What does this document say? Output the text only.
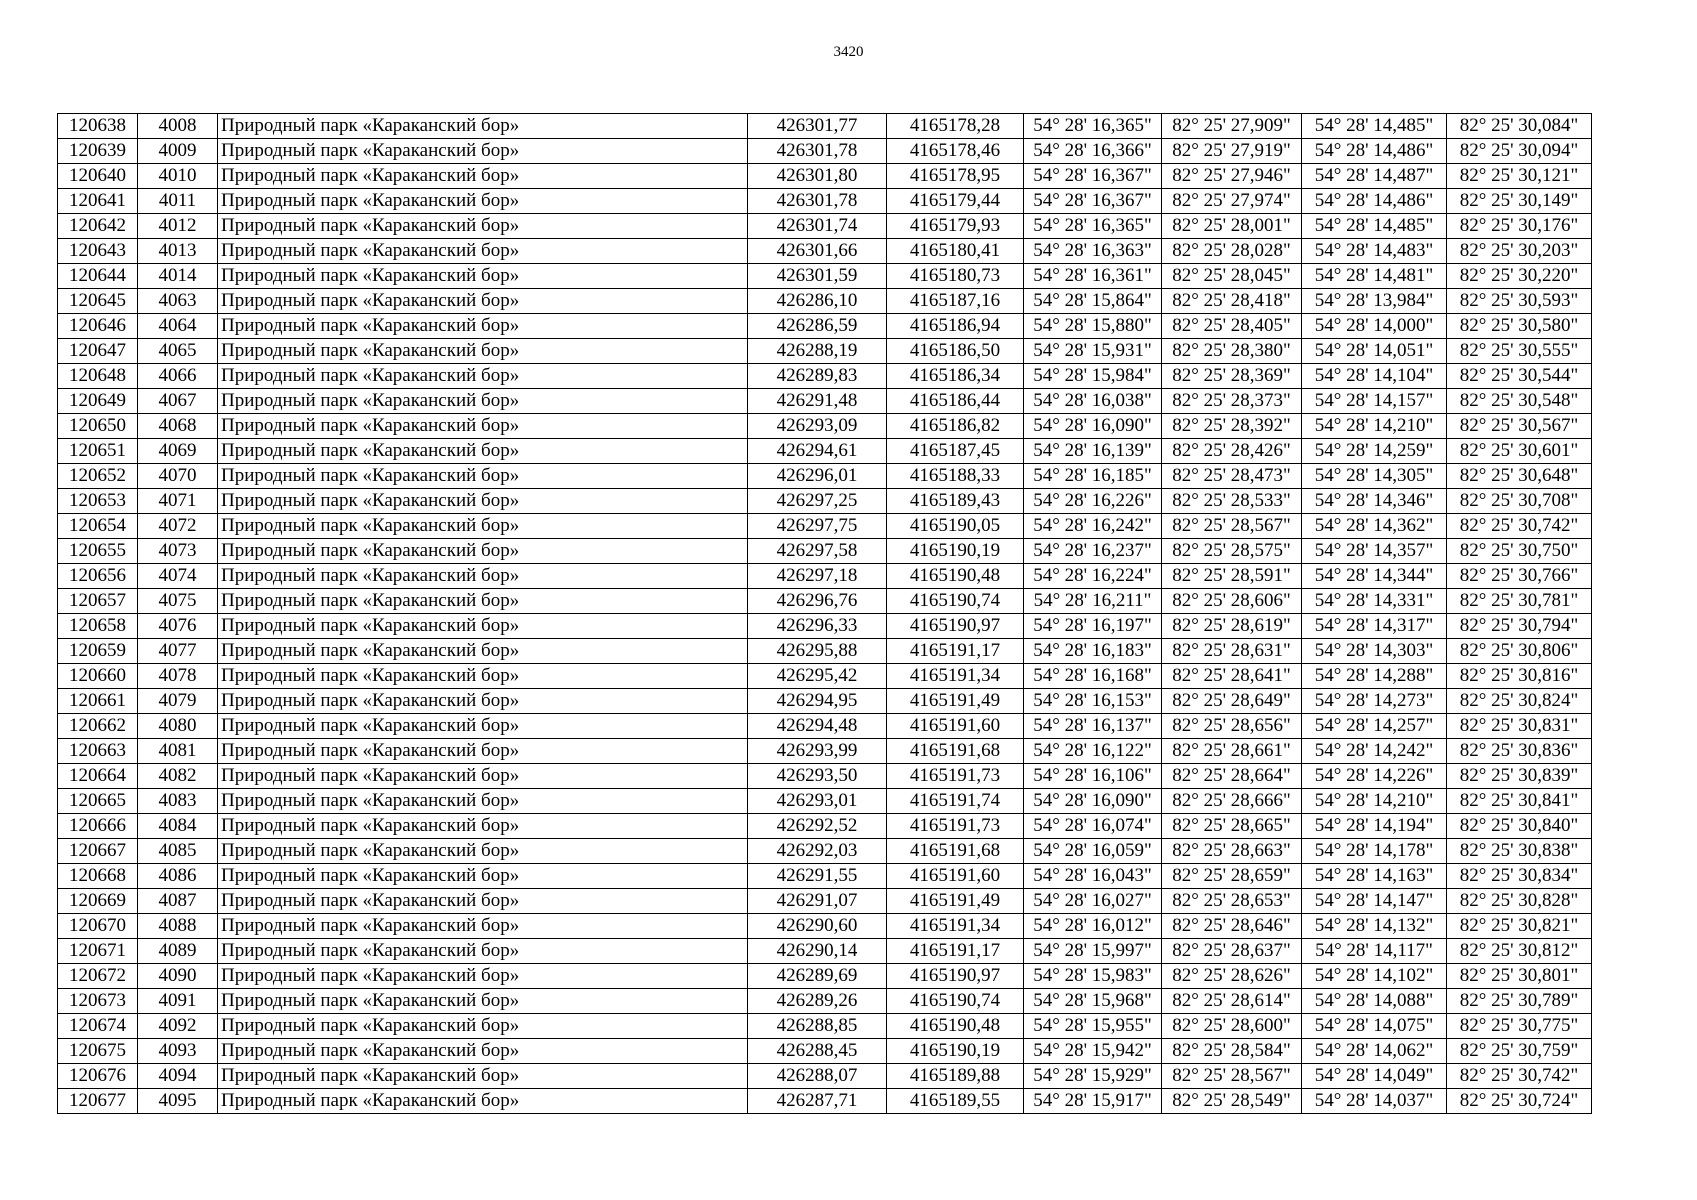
3420
120638	4008	Природный парк «Караканский бор»	426301,77	4165178,28	54° 28' 16,365"	82° 25' 27,909"	54° 28' 14,485"	82° 25' 30,084"
120639	4009	Природный парк «Караканский бор»	426301,78	4165178,46	54° 28' 16,366"	82° 25' 27,919"	54° 28' 14,486"	82° 25' 30,094"
120640	4010	Природный парк «Караканский бор»	426301,80	4165178,95	54° 28' 16,367"	82° 25' 27,946"	54° 28' 14,487"	82° 25' 30,121"
120641	4011	Природный парк «Караканский бор»	426301,78	4165179,44	54° 28' 16,367"	82° 25' 27,974"	54° 28' 14,486"	82° 25' 30,149"
120642	4012	Природный парк «Караканский бор»	426301,74	4165179,93	54° 28' 16,365"	82° 25' 28,001"	54° 28' 14,485"	82° 25' 30,176"
120643	4013	Природный парк «Караканский бор»	426301,66	4165180,41	54° 28' 16,363"	82° 25' 28,028"	54° 28' 14,483"	82° 25' 30,203"
120644	4014	Природный парк «Караканский бор»	426301,59	4165180,73	54° 28' 16,361"	82° 25' 28,045"	54° 28' 14,481"	82° 25' 30,220"
120645	4063	Природный парк «Караканский бор»	426286,10	4165187,16	54° 28' 15,864"	82° 25' 28,418"	54° 28' 13,984"	82° 25' 30,593"
120646	4064	Природный парк «Караканский бор»	426286,59	4165186,94	54° 28' 15,880"	82° 25' 28,405"	54° 28' 14,000"	82° 25' 30,580"
120647	4065	Природный парк «Караканский бор»	426288,19	4165186,50	54° 28' 15,931"	82° 25' 28,380"	54° 28' 14,051"	82° 25' 30,555"
120648	4066	Природный парк «Караканский бор»	426289,83	4165186,34	54° 28' 15,984"	82° 25' 28,369"	54° 28' 14,104"	82° 25' 30,544"
120649	4067	Природный парк «Караканский бор»	426291,48	4165186,44	54° 28' 16,038"	82° 25' 28,373"	54° 28' 14,157"	82° 25' 30,548"
120650	4068	Природный парк «Караканский бор»	426293,09	4165186,82	54° 28' 16,090"	82° 25' 28,392"	54° 28' 14,210"	82° 25' 30,567"
120651	4069	Природный парк «Караканский бор»	426294,61	4165187,45	54° 28' 16,139"	82° 25' 28,426"	54° 28' 14,259"	82° 25' 30,601"
120652	4070	Природный парк «Караканский бор»	426296,01	4165188,33	54° 28' 16,185"	82° 25' 28,473"	54° 28' 14,305"	82° 25' 30,648"
120653	4071	Природный парк «Караканский бор»	426297,25	4165189,43	54° 28' 16,226"	82° 25' 28,533"	54° 28' 14,346"	82° 25' 30,708"
120654	4072	Природный парк «Караканский бор»	426297,75	4165190,05	54° 28' 16,242"	82° 25' 28,567"	54° 28' 14,362"	82° 25' 30,742"
120655	4073	Природный парк «Караканский бор»	426297,58	4165190,19	54° 28' 16,237"	82° 25' 28,575"	54° 28' 14,357"	82° 25' 30,750"
120656	4074	Природный парк «Караканский бор»	426297,18	4165190,48	54° 28' 16,224"	82° 25' 28,591"	54° 28' 14,344"	82° 25' 30,766"
120657	4075	Природный парк «Караканский бор»	426296,76	4165190,74	54° 28' 16,211"	82° 25' 28,606"	54° 28' 14,331"	82° 25' 30,781"
120658	4076	Природный парк «Караканский бор»	426296,33	4165190,97	54° 28' 16,197"	82° 25' 28,619"	54° 28' 14,317"	82° 25' 30,794"
120659	4077	Природный парк «Караканский бор»	426295,88	4165191,17	54° 28' 16,183"	82° 25' 28,631"	54° 28' 14,303"	82° 25' 30,806"
120660	4078	Природный парк «Караканский бор»	426295,42	4165191,34	54° 28' 16,168"	82° 25' 28,641"	54° 28' 14,288"	82° 25' 30,816"
120661	4079	Природный парк «Караканский бор»	426294,95	4165191,49	54° 28' 16,153"	82° 25' 28,649"	54° 28' 14,273"	82° 25' 30,824"
120662	4080	Природный парк «Караканский бор»	426294,48	4165191,60	54° 28' 16,137"	82° 25' 28,656"	54° 28' 14,257"	82° 25' 30,831"
120663	4081	Природный парк «Караканский бор»	426293,99	4165191,68	54° 28' 16,122"	82° 25' 28,661"	54° 28' 14,242"	82° 25' 30,836"
120664	4082	Природный парк «Караканский бор»	426293,50	4165191,73	54° 28' 16,106"	82° 25' 28,664"	54° 28' 14,226"	82° 25' 30,839"
120665	4083	Природный парк «Караканский бор»	426293,01	4165191,74	54° 28' 16,090"	82° 25' 28,666"	54° 28' 14,210"	82° 25' 30,841"
120666	4084	Природный парк «Караканский бор»	426292,52	4165191,73	54° 28' 16,074"	82° 25' 28,665"	54° 28' 14,194"	82° 25' 30,840"
120667	4085	Природный парк «Караканский бор»	426292,03	4165191,68	54° 28' 16,059"	82° 25' 28,663"	54° 28' 14,178"	82° 25' 30,838"
120668	4086	Природный парк «Караканский бор»	426291,55	4165191,60	54° 28' 16,043"	82° 25' 28,659"	54° 28' 14,163"	82° 25' 30,834"
120669	4087	Природный парк «Караканский бор»	426291,07	4165191,49	54° 28' 16,027"	82° 25' 28,653"	54° 28' 14,147"	82° 25' 30,828"
120670	4088	Природный парк «Караканский бор»	426290,60	4165191,34	54° 28' 16,012"	82° 25' 28,646"	54° 28' 14,132"	82° 25' 30,821"
120671	4089	Природный парк «Караканский бор»	426290,14	4165191,17	54° 28' 15,997"	82° 25' 28,637"	54° 28' 14,117"	82° 25' 30,812"
120672	4090	Природный парк «Караканский бор»	426289,69	4165190,97	54° 28' 15,983"	82° 25' 28,626"	54° 28' 14,102"	82° 25' 30,801"
120673	4091	Природный парк «Караканский бор»	426289,26	4165190,74	54° 28' 15,968"	82° 25' 28,614"	54° 28' 14,088"	82° 25' 30,789"
120674	4092	Природный парк «Караканский бор»	426288,85	4165190,48	54° 28' 15,955"	82° 25' 28,600"	54° 28' 14,075"	82° 25' 30,775"
120675	4093	Природный парк «Караканский бор»	426288,45	4165190,19	54° 28' 15,942"	82° 25' 28,584"	54° 28' 14,062"	82° 25' 30,759"
120676	4094	Природный парк «Караканский бор»	426288,07	4165189,88	54° 28' 15,929"	82° 25' 28,567"	54° 28' 14,049"	82° 25' 30,742"
120677	4095	Природный парк «Караканский бор»	426287,71	4165189,55	54° 28' 15,917"	82° 25' 28,549"	54° 28' 14,037"	82° 25' 30,724"
